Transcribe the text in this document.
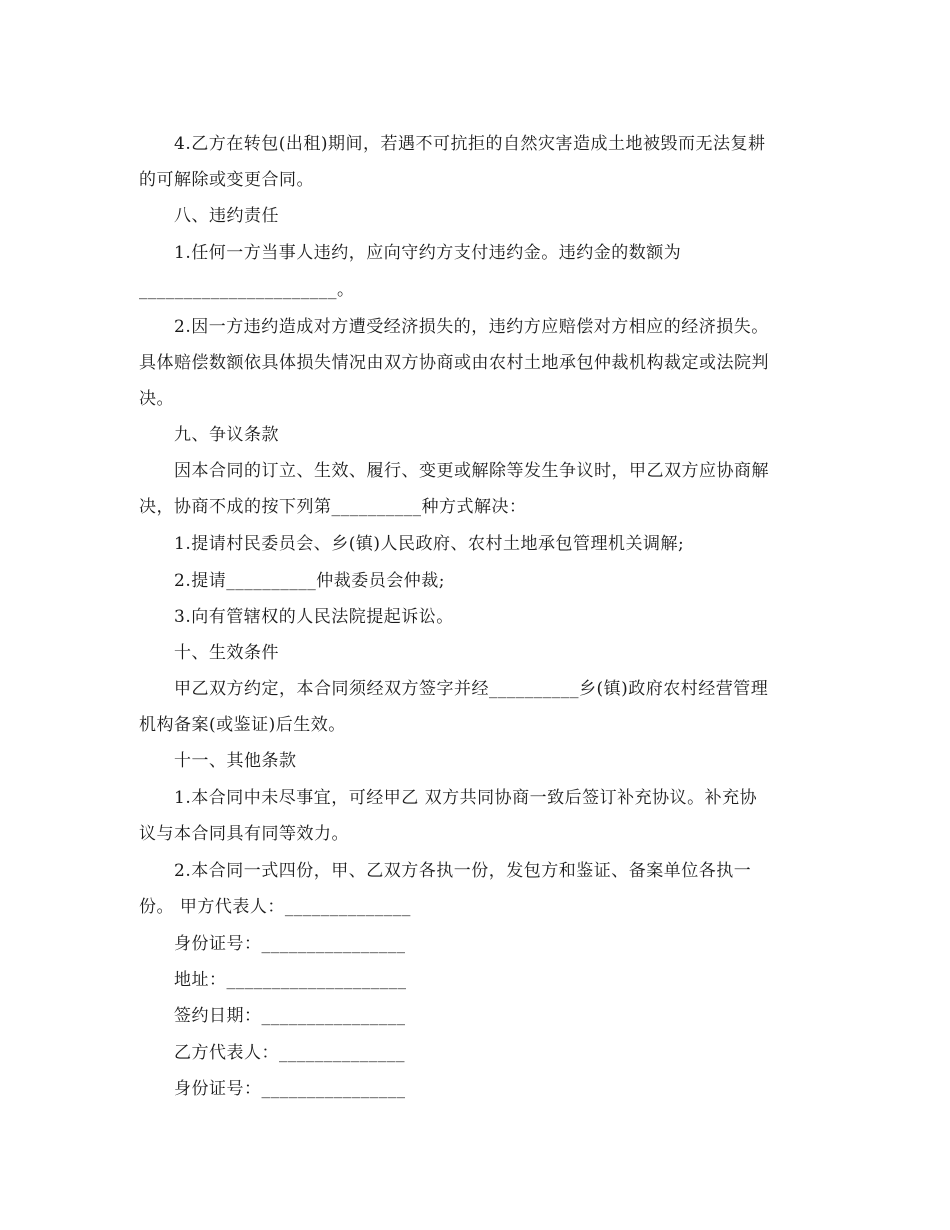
4.乙方在转包(出租)期间，若遇不可抗拒的自然灾害造成土地被毁而无法复耕
的可解除或变更合同。
八、违约责任
1.任何一方当事人违约，应向守约方支付违约金。违约金的数额为
______________________。
2.因一方违约造成对方遭受经济损失的，违约方应赔偿对方相应的经济损失。
具体赔偿数额依具体损失情况由双方协商或由农村土地承包仲裁机构裁定或法院判
决。
九、争议条款
因本合同的订立、生效、履行、变更或解除等发生争议时，甲乙双方应协商解
决，协商不成的按下列第__________种方式解决：
1.提请村民委员会、乡(镇)人民政府、农村土地承包管理机关调解;
2.提请__________仲裁委员会仲裁;
3.向有管辖权的人民法院提起诉讼。
十、生效条件
甲乙双方约定，本合同须经双方签字并经__________乡(镇)政府农村经营管理
机构备案(或鉴证)后生效。
十一、其他条款
1.本合同中未尽事宜，可经甲乙 双方共同协商一致后签订补充协议。补充协
议与本合同具有同等效力。
2.本合同一式四份，甲、乙双方各执一份，发包方和鉴证、备案单位各执一
份。 甲方代表人：______________
身份证号：________________
地址：____________________
签约日期：________________
乙方代表人：______________
身份证号：________________
